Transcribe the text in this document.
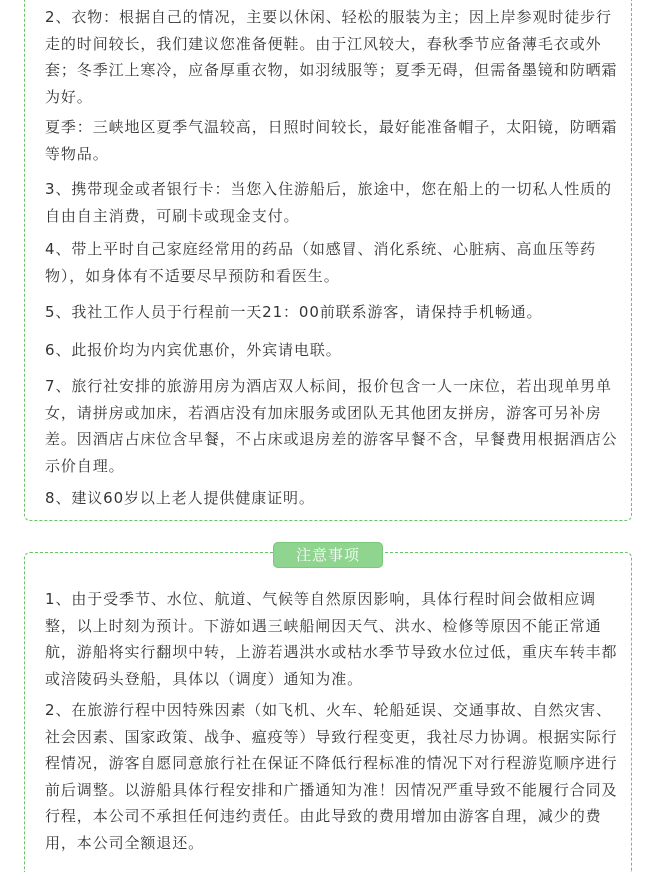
2、衣物：根据自己的情况，主要以休闲、轻松的服装为主；因上岸参观时徒步行走的时间较长，我们建议您准备便鞋。由于江风较大，春秋季节应备薄毛衣或外套；冬季江上寒冷，应备厚重衣物，如羽绒服等；夏季无碍，但需备墨镜和防晒霜为好。

夏季：三峡地区夏季气温较高，日照时间较长，最好能准备帽子，太阳镜，防晒霜等物品。

3、携带现金或者银行卡：当您入住游船后，旅途中，您在船上的一切私人性质的自由自主消费，可刷卡或现金支付。

4、带上平时自己家庭经常用的药品（如感冒、消化系统、心脏病、高血压等药物），如身体有不适要尽早预防和看医生。

5、我社工作人员于行程前一天21：00前联系游客，请保持手机畅通。

6、此报价均为内宾优惠价，外宾请电联。

7、旅行社安排的旅游用房为酒店双人标间，报价包含一人一床位，若出现单男单女，请拼房或加床，若酒店没有加床服务或团队无其他团友拼房，游客可另补房差。因酒店占床位含早餐，不占床或退房差的游客早餐不含，早餐费用根据酒店公示价自理。

8、建议60岁以上老人提供健康证明。

注意事项

1、由于受季节、水位、航道、气候等自然原因影响，具体行程时间会做相应调整，以上时刻为预计。下游如遇三峡船闸因天气、洪水、检修等原因不能正常通航，游船将实行翻坝中转，上游若遇洪水或枯水季节导致水位过低，重庆车转丰都或涪陵码头登船，具体以（调度）通知为准。

2、在旅游行程中因特殊因素（如飞机、火车、轮船延误、交通事故、自然灾害、社会因素、国家政策、战争、瘟疫等）导致行程变更，我社尽力协调。根据实际行程情况，游客自愿同意旅行社在保证不降低行程标准的情况下对行程游览顺序进行前后调整。以游船具体行程安排和广播通知为准！因情况严重导致不能履行合同及行程，本公司不承担任何违约责任。由此导致的费用增加由游客自理，减少的费用，本公司全额退还。
